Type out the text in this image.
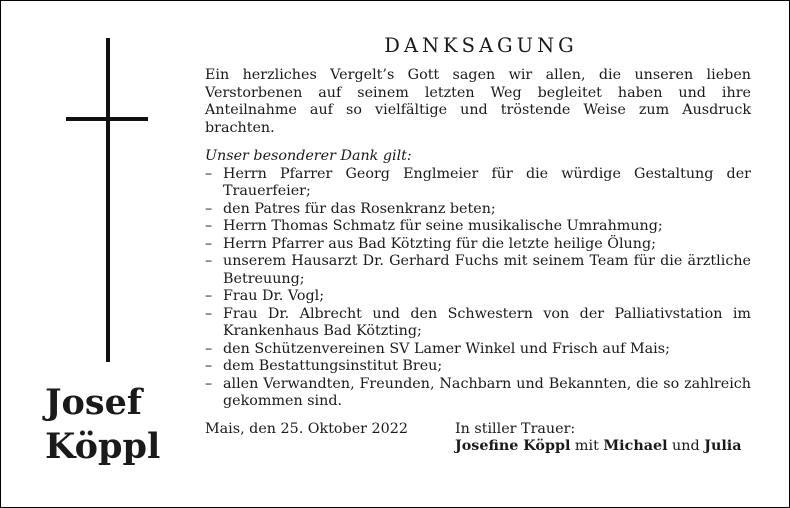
Josef
Köppl
DANKSAGUNG

Ein herzliches Vergelt’s Gott sagen wir allen, die unseren lieben Verstorbenen auf seinem letzten Weg begleitet haben und ihre Anteilnahme auf so vielfältige und tröstende Weise zum Ausdruck brachten.

Unser besonderer Dank gilt:

– Herrn Pfarrer Georg Englmeier für die würdige Gestaltung der Trauerfeier;
– den Patres für das Rosenkranz beten;
– Herrn Thomas Schmatz für seine musikalische Umrahmung;
– Herrn Pfarrer aus Bad Kötzting für die letzte heilige Ölung;
– unserem Hausarzt Dr. Gerhard Fuchs mit seinem Team für die ärztliche Betreuung;
– Frau Dr. Vogl;
– Frau Dr. Albrecht und den Schwestern von der Palliativstation im Krankenhaus Bad Kötzting;
– den Schützenvereinen SV Lamer Winkel und Frisch auf Mais;
– dem Bestattungsinstitut Breu;
– allen Verwandten, Freunden, Nachbarn und Bekannten, die so zahlreich gekommen sind.
Mais, den 25. Oktober 2022	In stiller Trauer:
Josefine Köppl mit Michael und Julia
